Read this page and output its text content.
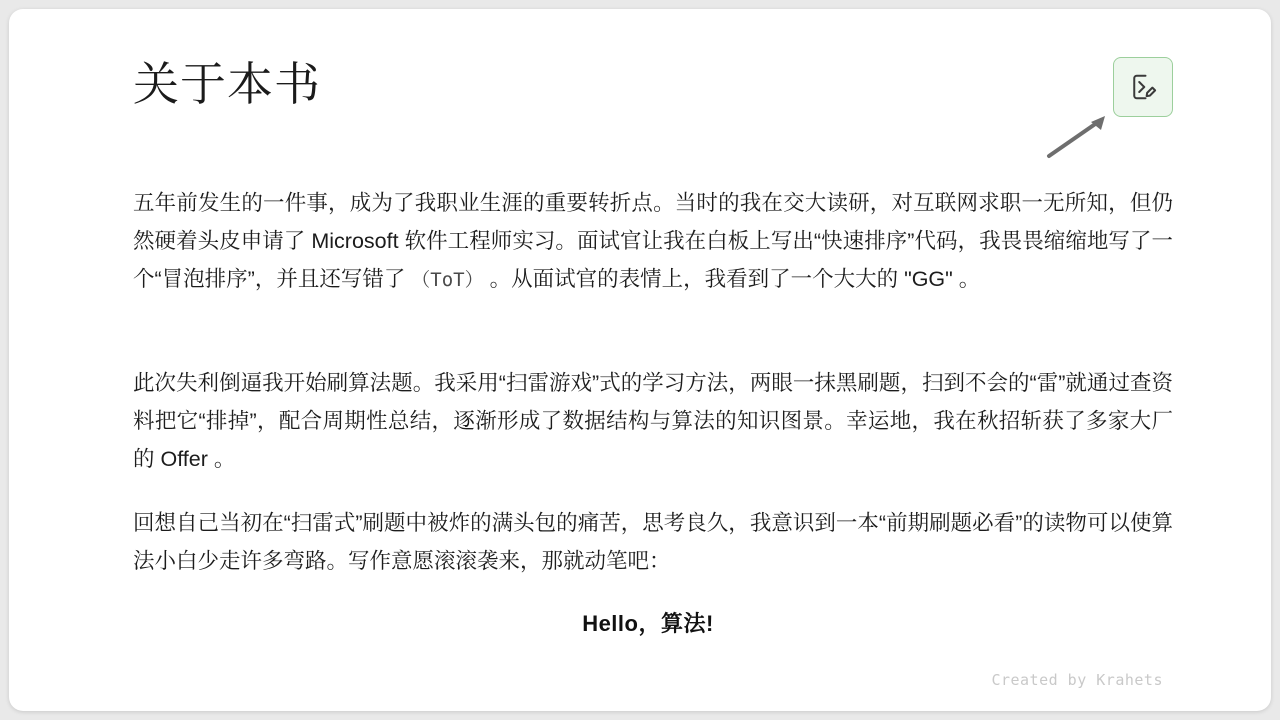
关于本书

五年前发生的一件事，成为了我职业生涯的重要转折点。当时的我在交大读研，对互联网求职一无所知，但仍然硬着头皮申请了 Microsoft 软件工程师实习。面试官让我在白板上写出“快速排序”代码，我畏畏缩缩地写了一个“冒泡排序”，并且还写错了 （ToT） 。从面试官的表情上，我看到了一个大大的 "GG" 。

此次失利倒逼我开始刷算法题。我采用“扫雷游戏”式的学习方法，两眼一抹黑刷题，扫到不会的“雷”就通过查资料把它“排掉”，配合周期性总结，逐渐形成了数据结构与算法的知识图景。幸运地，我在秋招斩获了多家大厂的 Offer 。

回想自己当初在“扫雷式”刷题中被炸的满头包的痛苦，思考良久，我意识到一本“前期刷题必看”的读物可以使算法小白少走许多弯路。写作意愿滚滚袭来，那就动笔吧：

Hello，算法!
Created by Krahets
